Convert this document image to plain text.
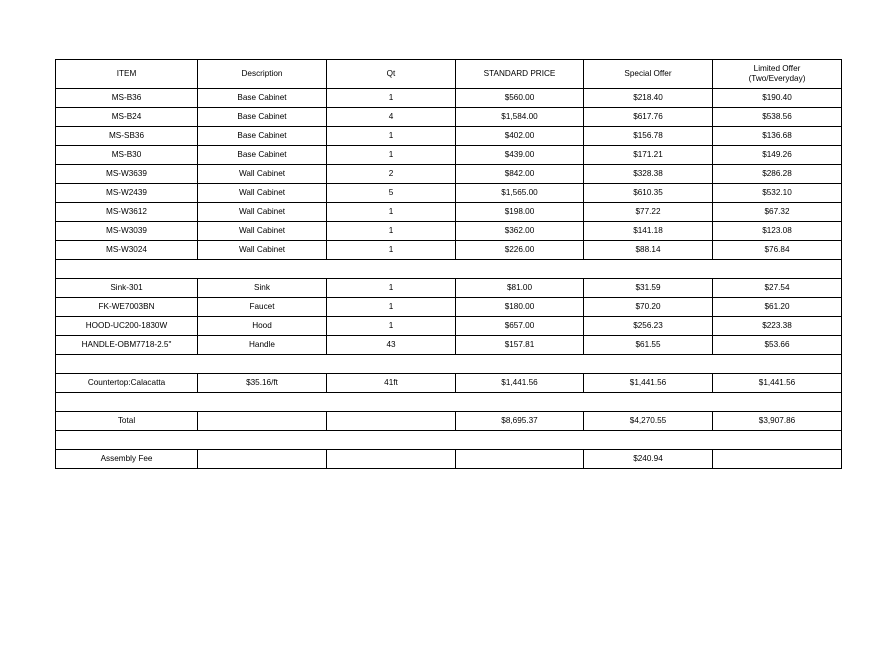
ITEM	Description	Qt	STANDARD PRICE	Special Offer	Limited Offer
(Two/Everyday)
MS-B36	Base Cabinet	1	$560.00	$218.40	$190.40
MS-B24	Base Cabinet	4	$1,584.00	$617.76	$538.56
MS-SB36	Base Cabinet	1	$402.00	$156.78	$136.68
MS-B30	Base Cabinet	1	$439.00	$171.21	$149.26
MS-W3639	Wall Cabinet	2	$842.00	$328.38	$286.28
MS-W2439	Wall Cabinet	5	$1,565.00	$610.35	$532.10
MS-W3612	Wall Cabinet	1	$198.00	$77.22	$67.32
MS-W3039	Wall Cabinet	1	$362.00	$141.18	$123.08
MS-W3024	Wall Cabinet	1	$226.00	$88.14	$76.84

Sink-301	Sink	1	$81.00	$31.59	$27.54
FK-WE7003BN	Faucet	1	$180.00	$70.20	$61.20
HOOD-UC200-1830W	Hood	1	$657.00	$256.23	$223.38
HANDLE-OBM7718-2.5"	Handle	43	$157.81	$61.55	$53.66

Countertop:Calacatta	$35.16/ft	41ft	$1,441.56	$1,441.56	$1,441.56

Total			$8,695.37	$4,270.55	$3,907.86

Assembly Fee				$240.94	
